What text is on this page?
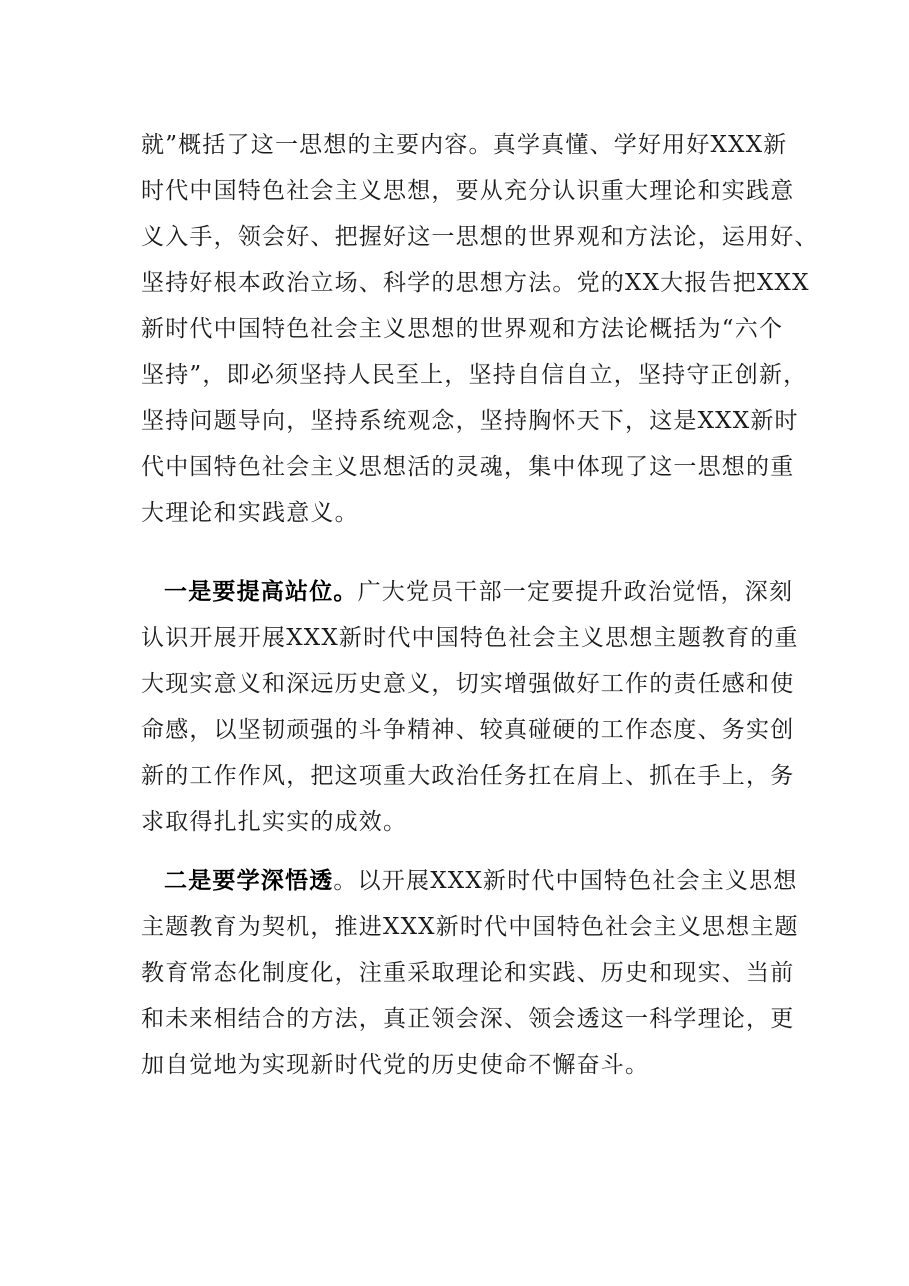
就”概括了这一思想的主要内容。真学真懂、学好用好XXX新
时代中国特色社会主义思想，要从充分认识重大理论和实践意
义入手，领会好、把握好这一思想的世界观和方法论，运用好、
坚持好根本政治立场、科学的思想方法。党的XX大报告把XXX
新时代中国特色社会主义思想的世界观和方法论概括为“六个
坚持”，即必须坚持人民至上，坚持自信自立，坚持守正创新，
坚持问题导向，坚持系统观念，坚持胸怀天下，这是XXX新时
代中国特色社会主义思想活的灵魂，集中体现了这一思想的重
大理论和实践意义。
一是要提高站位。广大党员干部一定要提升政治觉悟，深刻
认识开展开展XXX新时代中国特色社会主义思想主题教育的重
大现实意义和深远历史意义，切实增强做好工作的责任感和使
命感，以坚韧顽强的斗争精神、较真碰硬的工作态度、务实创
新的工作作风，把这项重大政治任务扛在肩上、抓在手上，务
求取得扎扎实实的成效。
二是要学深悟透。以开展XXX新时代中国特色社会主义思想
主题教育为契机，推进XXX新时代中国特色社会主义思想主题
教育常态化制度化，注重采取理论和实践、历史和现实、当前
和未来相结合的方法，真正领会深、领会透这一科学理论，更
加自觉地为实现新时代党的历史使命不懈奋斗。
